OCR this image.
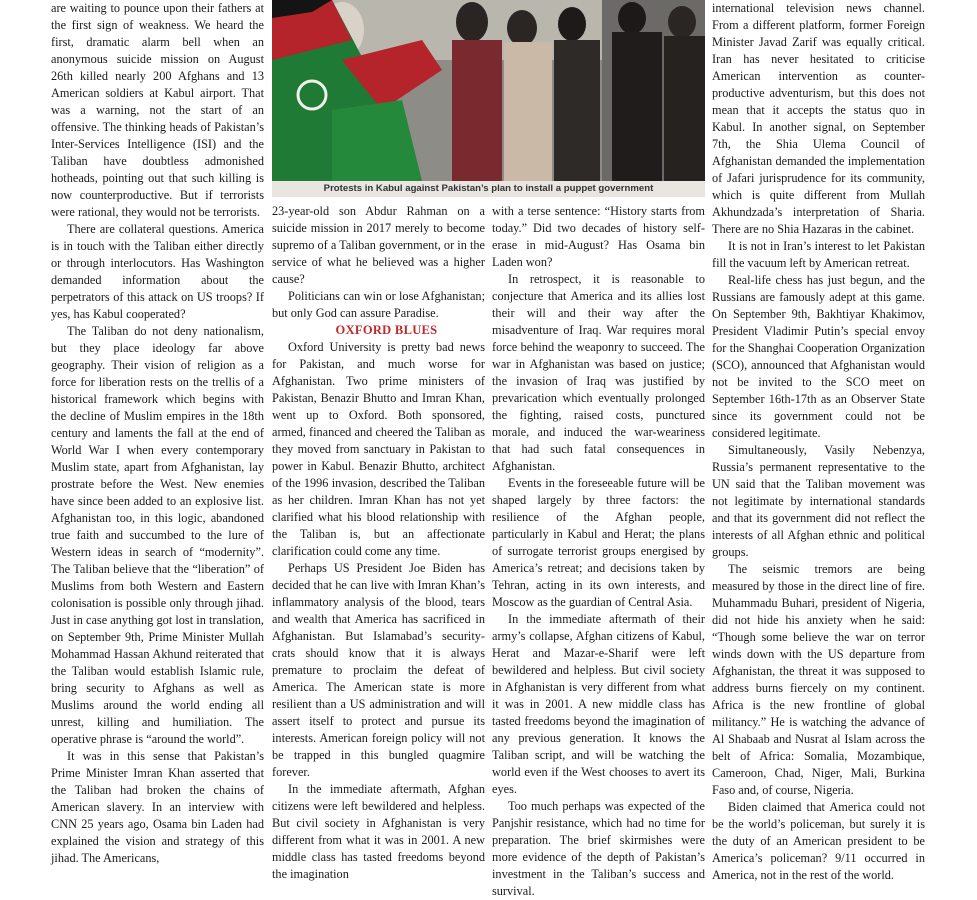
are waiting to pounce upon their fathers at the first sign of weakness. We heard the first, dramatic alarm bell when an anonymous suicide mission on August 26th killed nearly 200 Afghans and 13 American soldiers at Kabul airport. That was a warning, not the start of an offensive. The thinking heads of Pakistan’s Inter-Services Intelligence (ISI) and the Taliban have doubtless admonished hotheads, pointing out that such killing is now counterproductive. But if terrorists were rational, they would not be terrorists.

There are collateral questions. America is in touch with the Taliban either directly or through interlocutors. Has Washington demanded information about the perpetrators of this attack on US troops? If yes, has Kabul cooperated?

The Taliban do not deny nationalism, but they place ideology far above geography. Their vision of religion as a force for liberation rests on the trellis of a historical framework which begins with the decline of Muslim empires in the 18th century and laments the fall at the end of World War I when every contemporary Muslim state, apart from Afghanistan, lay prostrate before the West. New enemies have since been added to an explosive list. Afghanistan too, in this logic, abandoned true faith and succumbed to the lure of Western ideas in search of “modernity”. The Taliban believe that the “liberation” of Muslims from both Western and Eastern colonisation is possible only through jihad. Just in case anything got lost in translation, on September 9th, Prime Minister Mullah Mohammad Hassan Akhund reiterated that the Taliban would establish Islamic rule, bring security to Afghans as well as Muslims around the world ending all unrest, killing and humiliation. The operative phrase is “around the world”.

It was in this sense that Pakistan’s Prime Minister Imran Khan asserted that the Taliban had broken the chains of American slavery. In an interview with CNN 25 years ago, Osama bin Laden had explained the vision and strategy of this jihad. The Americans,

Protests in Kabul against Pakistan’s plan to install a puppet government

23-year-old son Abdur Rahman on a suicide mission in 2017 merely to become supremo of a Taliban government, or in the service of what he believed was a higher cause?

Politicians can win or lose Afghanistan; but only God can assure Paradise.

OXFORD BLUES

Oxford University is pretty bad news for Pakistan, and much worse for Afghanistan. Two prime ministers of Pakistan, Benazir Bhutto and Imran Khan, went up to Oxford. Both sponsored, armed, financed and cheered the Taliban as they moved from sanctuary in Pakistan to power in Kabul. Benazir Bhutto, architect of the 1996 invasion, described the Taliban as her children. Imran Khan has not yet clarified what his blood relationship with the Taliban is, but an affectionate clarification could come any time.

Perhaps US President Joe Biden has decided that he can live with Imran Khan’s inflammatory analysis of the blood, tears and wealth that America has sacrificed in Afghanistan. But Islamabad’s security-crats should know that it is always premature to proclaim the defeat of America. The American state is more resilient than a US administration and will assert itself to protect and pursue its interests. American foreign policy will not be trapped in this bungled quagmire forever.

In the immediate aftermath, Afghan citizens were left bewildered and helpless. But civil society in Afghanistan is very different from what it was in 2001. A new middle class has tasted freedoms beyond the imagination

with a terse sentence: “History starts from today.” Did two decades of history self-erase in mid-August? Has Osama bin Laden won?

In retrospect, it is reasonable to conjecture that America and its allies lost their will and their way after the misadventure of Iraq. War requires moral force behind the weaponry to succeed. The war in Afghanistan was based on justice; the invasion of Iraq was justified by prevarication which eventually prolonged the fighting, raised costs, punctured morale, and induced the war-weariness that had such fatal consequences in Afghanistan.

Events in the foreseeable future will be shaped largely by three factors: the resilience of the Afghan people, particularly in Kabul and Herat; the plans of surrogate terrorist groups energised by America’s retreat; and decisions taken by Tehran, acting in its own interests, and Moscow as the guardian of Central Asia.

In the immediate aftermath of their army’s collapse, Afghan citizens of Kabul, Herat and Mazar-e-Sharif were left bewildered and helpless. But civil society in Afghanistan is very different from what it was in 2001. A new middle class has tasted freedoms beyond the imagination of any previous generation. It knows the Taliban script, and will be watching the world even if the West chooses to avert its eyes.

Too much perhaps was expected of the Panjshir resistance, which had no time for preparation. The brief skirmishes were more evidence of the depth of Pakistan’s investment in the Taliban’s success and survival.

international television news channel. From a different platform, former Foreign Minister Javad Zarif was equally critical. Iran has never hesitated to criticise American intervention as counter-productive adventurism, but this does not mean that it accepts the status quo in Kabul. In another signal, on September 7th, the Shia Ulema Council of Afghanistan demanded the implementation of Jafari jurisprudence for its community, which is quite different from Mullah Akhundzada’s interpretation of Sharia. There are no Shia Hazaras in the cabinet.

It is not in Iran’s interest to let Pakistan fill the vacuum left by American retreat.

Real-life chess has just begun, and the Russians are famously adept at this game. On September 9th, Bakhtiyar Khakimov, President Vladimir Putin’s special envoy for the Shanghai Cooperation Organization (SCO), announced that Afghanistan would not be invited to the SCO meet on September 16th-17th as an Observer State since its government could not be considered legitimate.

Simultaneously, Vasily Nebenzya, Russia’s permanent representative to the UN said that the Taliban movement was not legitimate by international standards and that its government did not reflect the interests of all Afghan ethnic and political groups.

The seismic tremors are being measured by those in the direct line of fire. Muhammadu Buhari, president of Nigeria, did not hide his anxiety when he said: “Though some believe the war on terror winds down with the US departure from Afghanistan, the threat it was supposed to address burns fiercely on my continent. Africa is the new frontline of global militancy.” He is watching the advance of Al Shabaab and Nusrat al Islam across the belt of Africa: Somalia, Mozambique, Cameroon, Chad, Niger, Mali, Burkina Faso and, of course, Nigeria.

Biden claimed that America could not be the world’s policeman, but surely it is the duty of an American president to be America’s policeman? 9/11 occurred in America, not in the rest of the world.
